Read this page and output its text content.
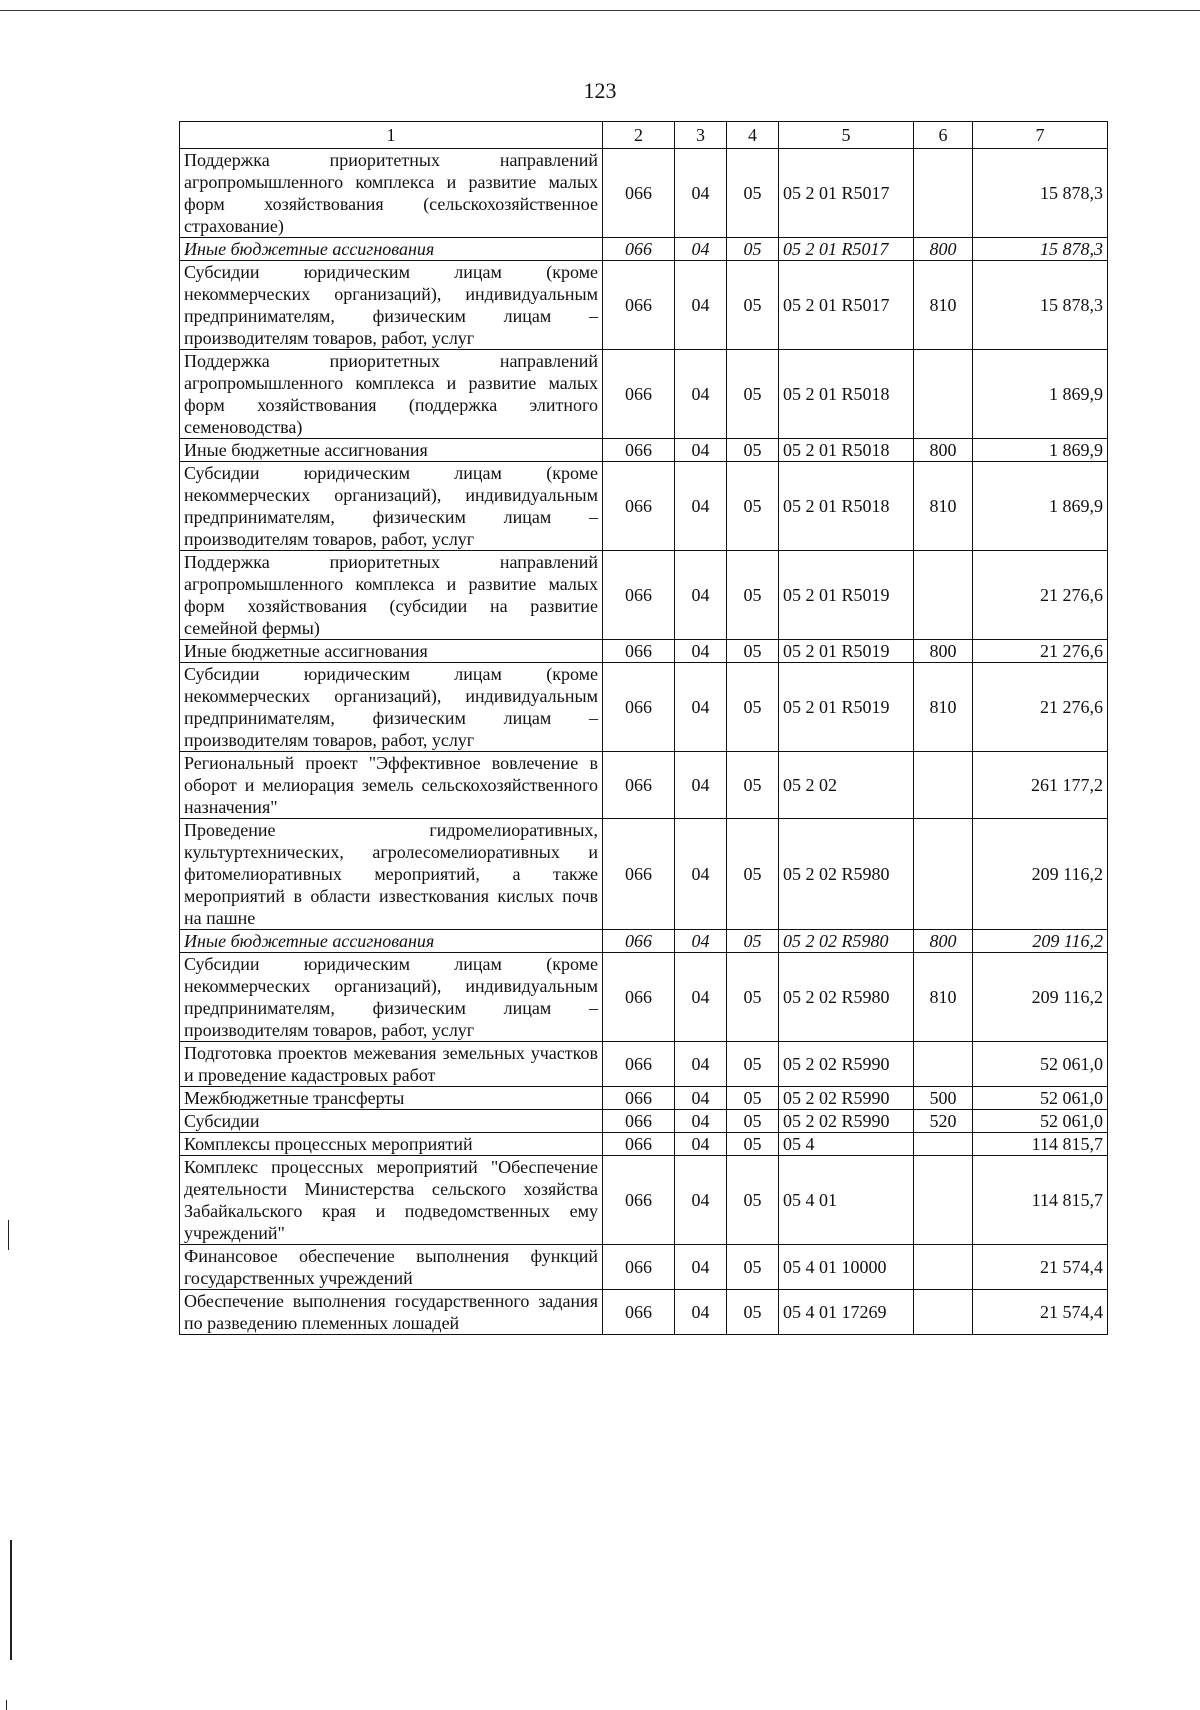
123
1	2	3	4	5	6	7
Поддержка приоритетных направлений агропромышленного комплекса и развитие малых форм хозяйствования (сельскохозяйственное страхование)	066	04	05	05 2 01 R5017		15 878,3
Иные бюджетные ассигнования	066	04	05	05 2 01 R5017	800	15 878,3
Субсидии юридическим лицам (кроме некоммерческих организаций), индивидуальным предпринимателям, физическим лицам – производителям товаров, работ, услуг	066	04	05	05 2 01 R5017	810	15 878,3
Поддержка приоритетных направлений агропромышленного комплекса и развитие малых форм хозяйствования (поддержка элитного семеноводства)	066	04	05	05 2 01 R5018		1 869,9
Иные бюджетные ассигнования	066	04	05	05 2 01 R5018	800	1 869,9
Субсидии юридическим лицам (кроме некоммерческих организаций), индивидуальным предпринимателям, физическим лицам – производителям товаров, работ, услуг	066	04	05	05 2 01 R5018	810	1 869,9
Поддержка приоритетных направлений агропромышленного комплекса и развитие малых форм хозяйствования (субсидии на развитие семейной фермы)	066	04	05	05 2 01 R5019		21 276,6
Иные бюджетные ассигнования	066	04	05	05 2 01 R5019	800	21 276,6
Субсидии юридическим лицам (кроме некоммерческих организаций), индивидуальным предпринимателям, физическим лицам – производителям товаров, работ, услуг	066	04	05	05 2 01 R5019	810	21 276,6
Региональный проект "Эффективное вовлечение в оборот и мелиорация земель сельскохозяйственного назначения"	066	04	05	05 2 02		261 177,2
Проведение гидромелиоративных, культуртехнических, агролесомелиоративных и фитомелиоративных мероприятий, а также мероприятий в области известкования кислых почв на пашне	066	04	05	05 2 02 R5980		209 116,2
Иные бюджетные ассигнования	066	04	05	05 2 02 R5980	800	209 116,2
Субсидии юридическим лицам (кроме некоммерческих организаций), индивидуальным предпринимателям, физическим лицам – производителям товаров, работ, услуг	066	04	05	05 2 02 R5980	810	209 116,2
Подготовка проектов межевания земельных участков и проведение кадастровых работ	066	04	05	05 2 02 R5990		52 061,0
Межбюджетные трансферты	066	04	05	05 2 02 R5990	500	52 061,0
Субсидии	066	04	05	05 2 02 R5990	520	52 061,0
Комплексы процессных мероприятий	066	04	05	05 4		114 815,7
Комплекс процессных мероприятий "Обеспечение деятельности Министерства сельского хозяйства Забайкальского края и подведомственных ему учреждений"	066	04	05	05 4 01		114 815,7
Финансовое обеспечение выполнения функций государственных учреждений	066	04	05	05 4 01 10000		21 574,4
Обеспечение выполнения государственного задания по разведению племенных лошадей	066	04	05	05 4 01 17269		21 574,4
